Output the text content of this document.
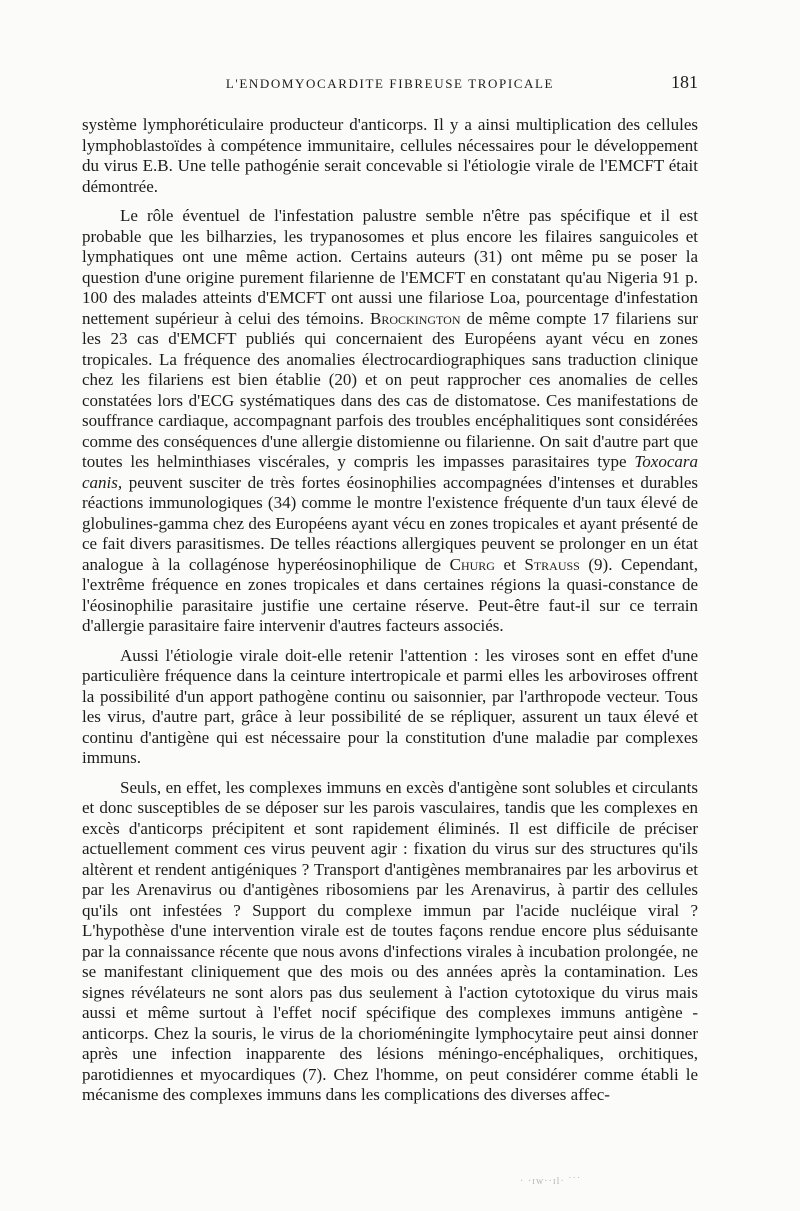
L'ENDOMYOCARDITE FIBREUSE TROPICALE	181

système lymphoréticulaire producteur d'anticorps. Il y a ainsi multiplication des cellules lymphoblastoïdes à compétence immunitaire, cellules nécessaires pour le développement du virus E.B. Une telle pathogénie serait concevable si l'étiologie virale de l'EMCFT était démontrée.

Le rôle éventuel de l'infestation palustre semble n'être pas spécifique et il est probable que les bilharzies, les trypanosomes et plus encore les filaires sanguicoles et lymphatiques ont une même action. Certains auteurs (31) ont même pu se poser la question d'une origine purement filarienne de l'EMCFT en constatant qu'au Nigeria 91 p. 100 des malades atteints d'EMCFT ont aussi une filariose Loa, pourcentage d'infestation nettement supérieur à celui des témoins. Brockington de même compte 17 filariens sur les 23 cas d'EMCFT publiés qui concernaient des Européens ayant vécu en zones tropicales. La fréquence des anomalies électrocardiographiques sans traduction clinique chez les filariens est bien établie (20) et on peut rapprocher ces anomalies de celles constatées lors d'ECG systématiques dans des cas de distomatose. Ces manifestations de souffrance cardiaque, accompagnant parfois des troubles encéphalitiques sont considérées comme des conséquences d'une allergie distomienne ou filarienne. On sait d'autre part que toutes les helminthiases viscérales, y compris les impasses parasitaires type Toxocara canis, peuvent susciter de très fortes éosinophilies accompagnées d'intenses et durables réactions immunologiques (34) comme le montre l'existence fréquente d'un taux élevé de globulines-gamma chez des Européens ayant vécu en zones tropicales et ayant présenté de ce fait divers parasitismes. De telles réactions allergiques peuvent se prolonger en un état analogue à la collagénose hyperéosinophilique de Churg et Strauss (9). Cependant, l'extrême fréquence en zones tropicales et dans certaines régions la quasi-constance de l'éosinophilie parasitaire justifie une certaine réserve. Peut-être faut-il sur ce terrain d'allergie parasitaire faire intervenir d'autres facteurs associés.

Aussi l'étiologie virale doit-elle retenir l'attention : les viroses sont en effet d'une particulière fréquence dans la ceinture intertropicale et parmi elles les arboviroses offrent la possibilité d'un apport pathogène continu ou saisonnier, par l'arthropode vecteur. Tous les virus, d'autre part, grâce à leur possibilité de se répliquer, assurent un taux élevé et continu d'antigène qui est nécessaire pour la constitution d'une maladie par complexes immuns.

Seuls, en effet, les complexes immuns en excès d'antigène sont solubles et circulants et donc susceptibles de se déposer sur les parois vasculaires, tandis que les complexes en excès d'anticorps précipitent et sont rapidement éliminés. Il est difficile de préciser actuellement comment ces virus peuvent agir : fixation du virus sur des structures qu'ils altèrent et rendent antigéniques ? Transport d'antigènes membranaires par les arbovirus et par les Arenavirus ou d'antigènes ribosomiens par les Arenavirus, à partir des cellules qu'ils ont infestées ? Support du complexe immun par l'acide nucléique viral ? L'hypothèse d'une intervention virale est de toutes façons rendue encore plus séduisante par la connaissance récente que nous avons d'infections virales à incubation prolongée, ne se manifestant cliniquement que des mois ou des années après la contamination. Les signes révélateurs ne sont alors pas dus seulement à l'action cytotoxique du virus mais aussi et même surtout à l'effet nocif spécifique des complexes immuns antigène - anticorps. Chez la souris, le virus de la chorioméningite lymphocytaire peut ainsi donner après une infection inapparente des lésions méningo-encéphaliques, orchitiques, parotidiennes et myocardiques (7). Chez l'homme, on peut considérer comme établi le mécanisme des complexes immuns dans les complications des diverses affec-

· ·ɪᴡ··ɪl· ˙˙˙
